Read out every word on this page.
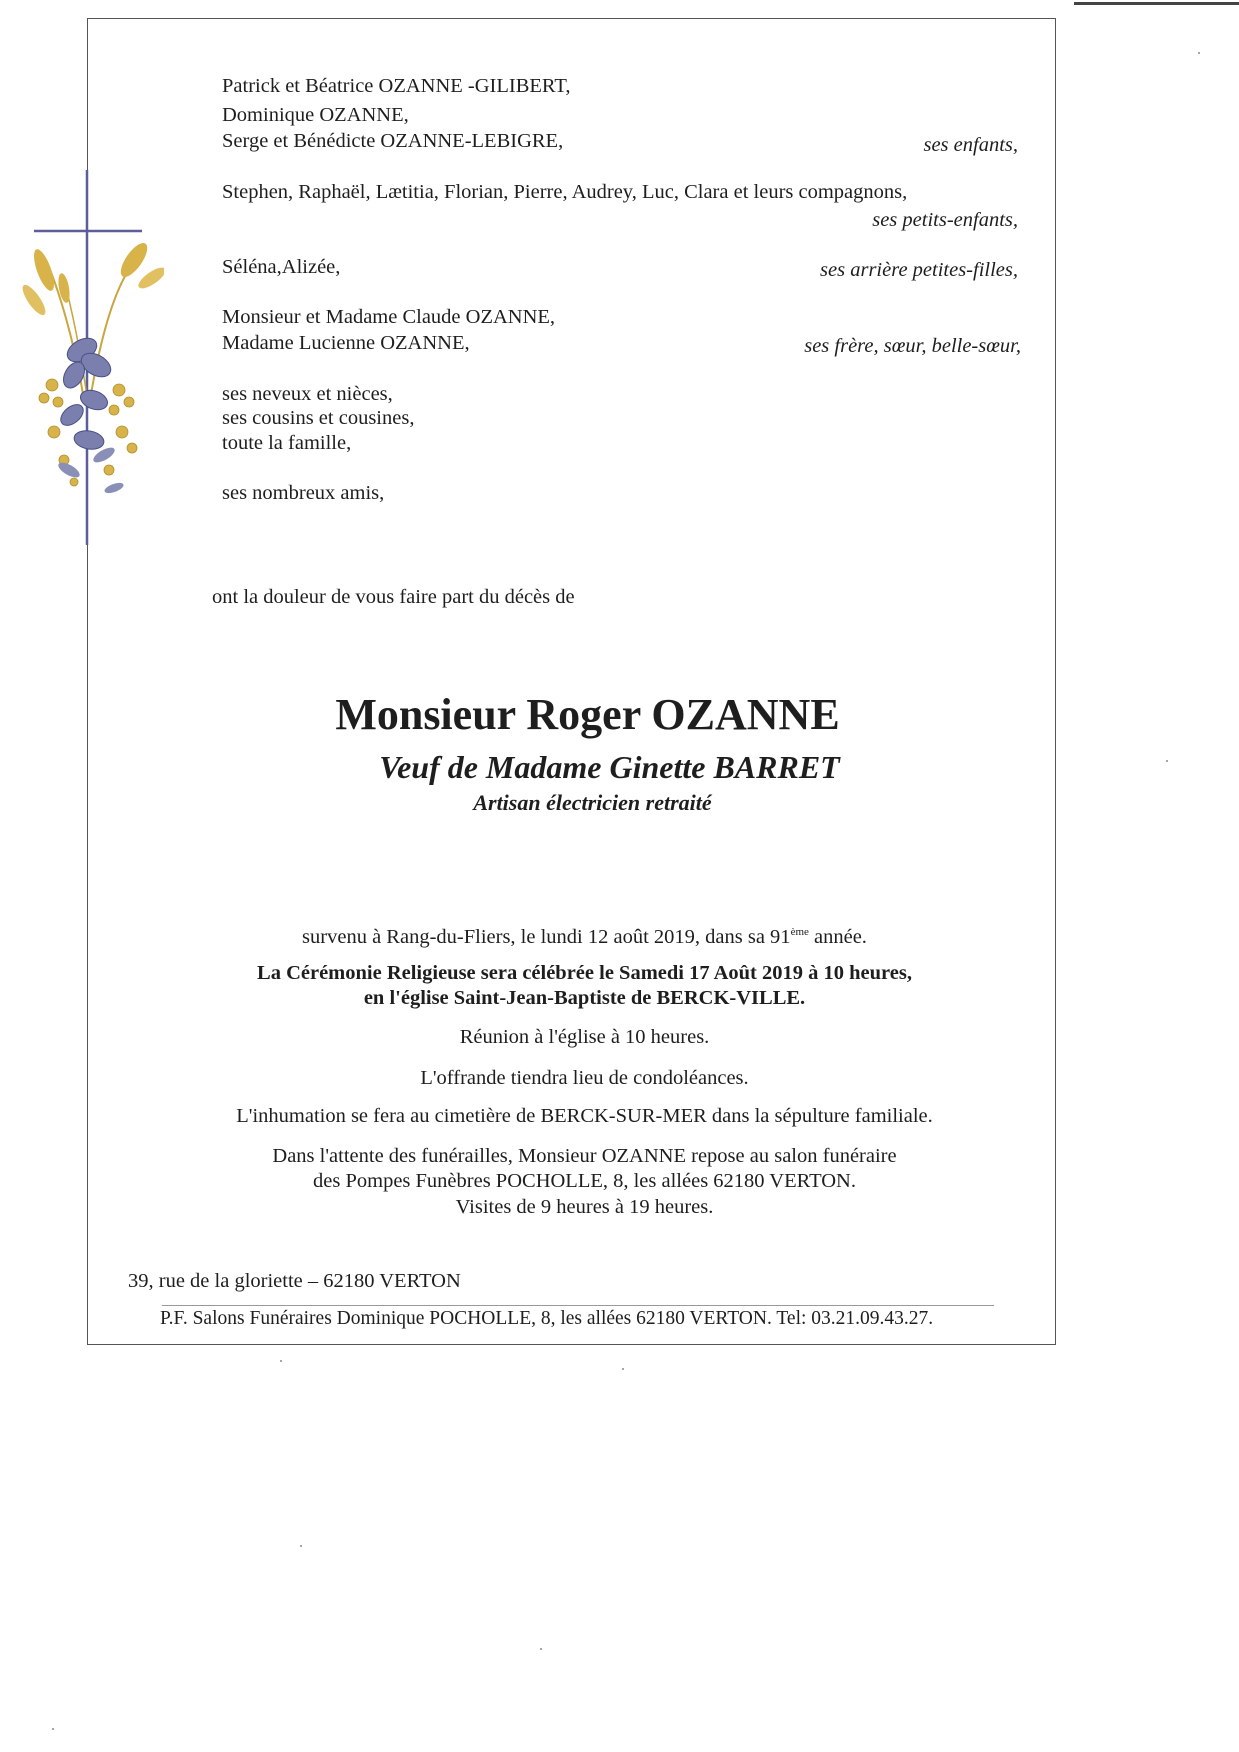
Patrick et Béatrice OZANNE -GILIBERT,
Dominique OZANNE,
Serge et Bénédicte OZANNE-LEBIGRE,	ses enfants,
Stephen, Raphaël, Lætitia, Florian, Pierre, Audrey, Luc, Clara et leurs compagnons,
ses petits-enfants,
Séléna,Alizée,	ses arrière petites-filles,
Monsieur et Madame Claude OZANNE,
Madame Lucienne OZANNE,	ses frère, sœur, belle-sœur,
ses neveux et nièces,
ses cousins et cousines,
toute la famille,
ses nombreux amis,
ont la douleur de vous faire part du décès de
Monsieur Roger OZANNE
Veuf de Madame Ginette BARRET
Artisan électricien retraité
survenu à Rang-du-Fliers, le lundi 12 août 2019, dans sa 91ème année.
La Cérémonie Religieuse sera célébrée le Samedi 17 Août 2019 à 10 heures,
en l'église Saint-Jean-Baptiste de BERCK-VILLE.
Réunion à l'église à 10 heures.
L'offrande tiendra lieu de condoléances.
L'inhumation se fera au cimetière de BERCK-SUR-MER dans la sépulture familiale.
Dans l'attente des funérailles, Monsieur OZANNE repose au salon funéraire
des Pompes Funèbres POCHOLLE, 8, les allées 62180 VERTON.
Visites de 9 heures à 19 heures.
39, rue de la gloriette – 62180 VERTON
P.F. Salons Funéraires Dominique POCHOLLE, 8, les allées 62180 VERTON. Tel: 03.21.09.43.27.
